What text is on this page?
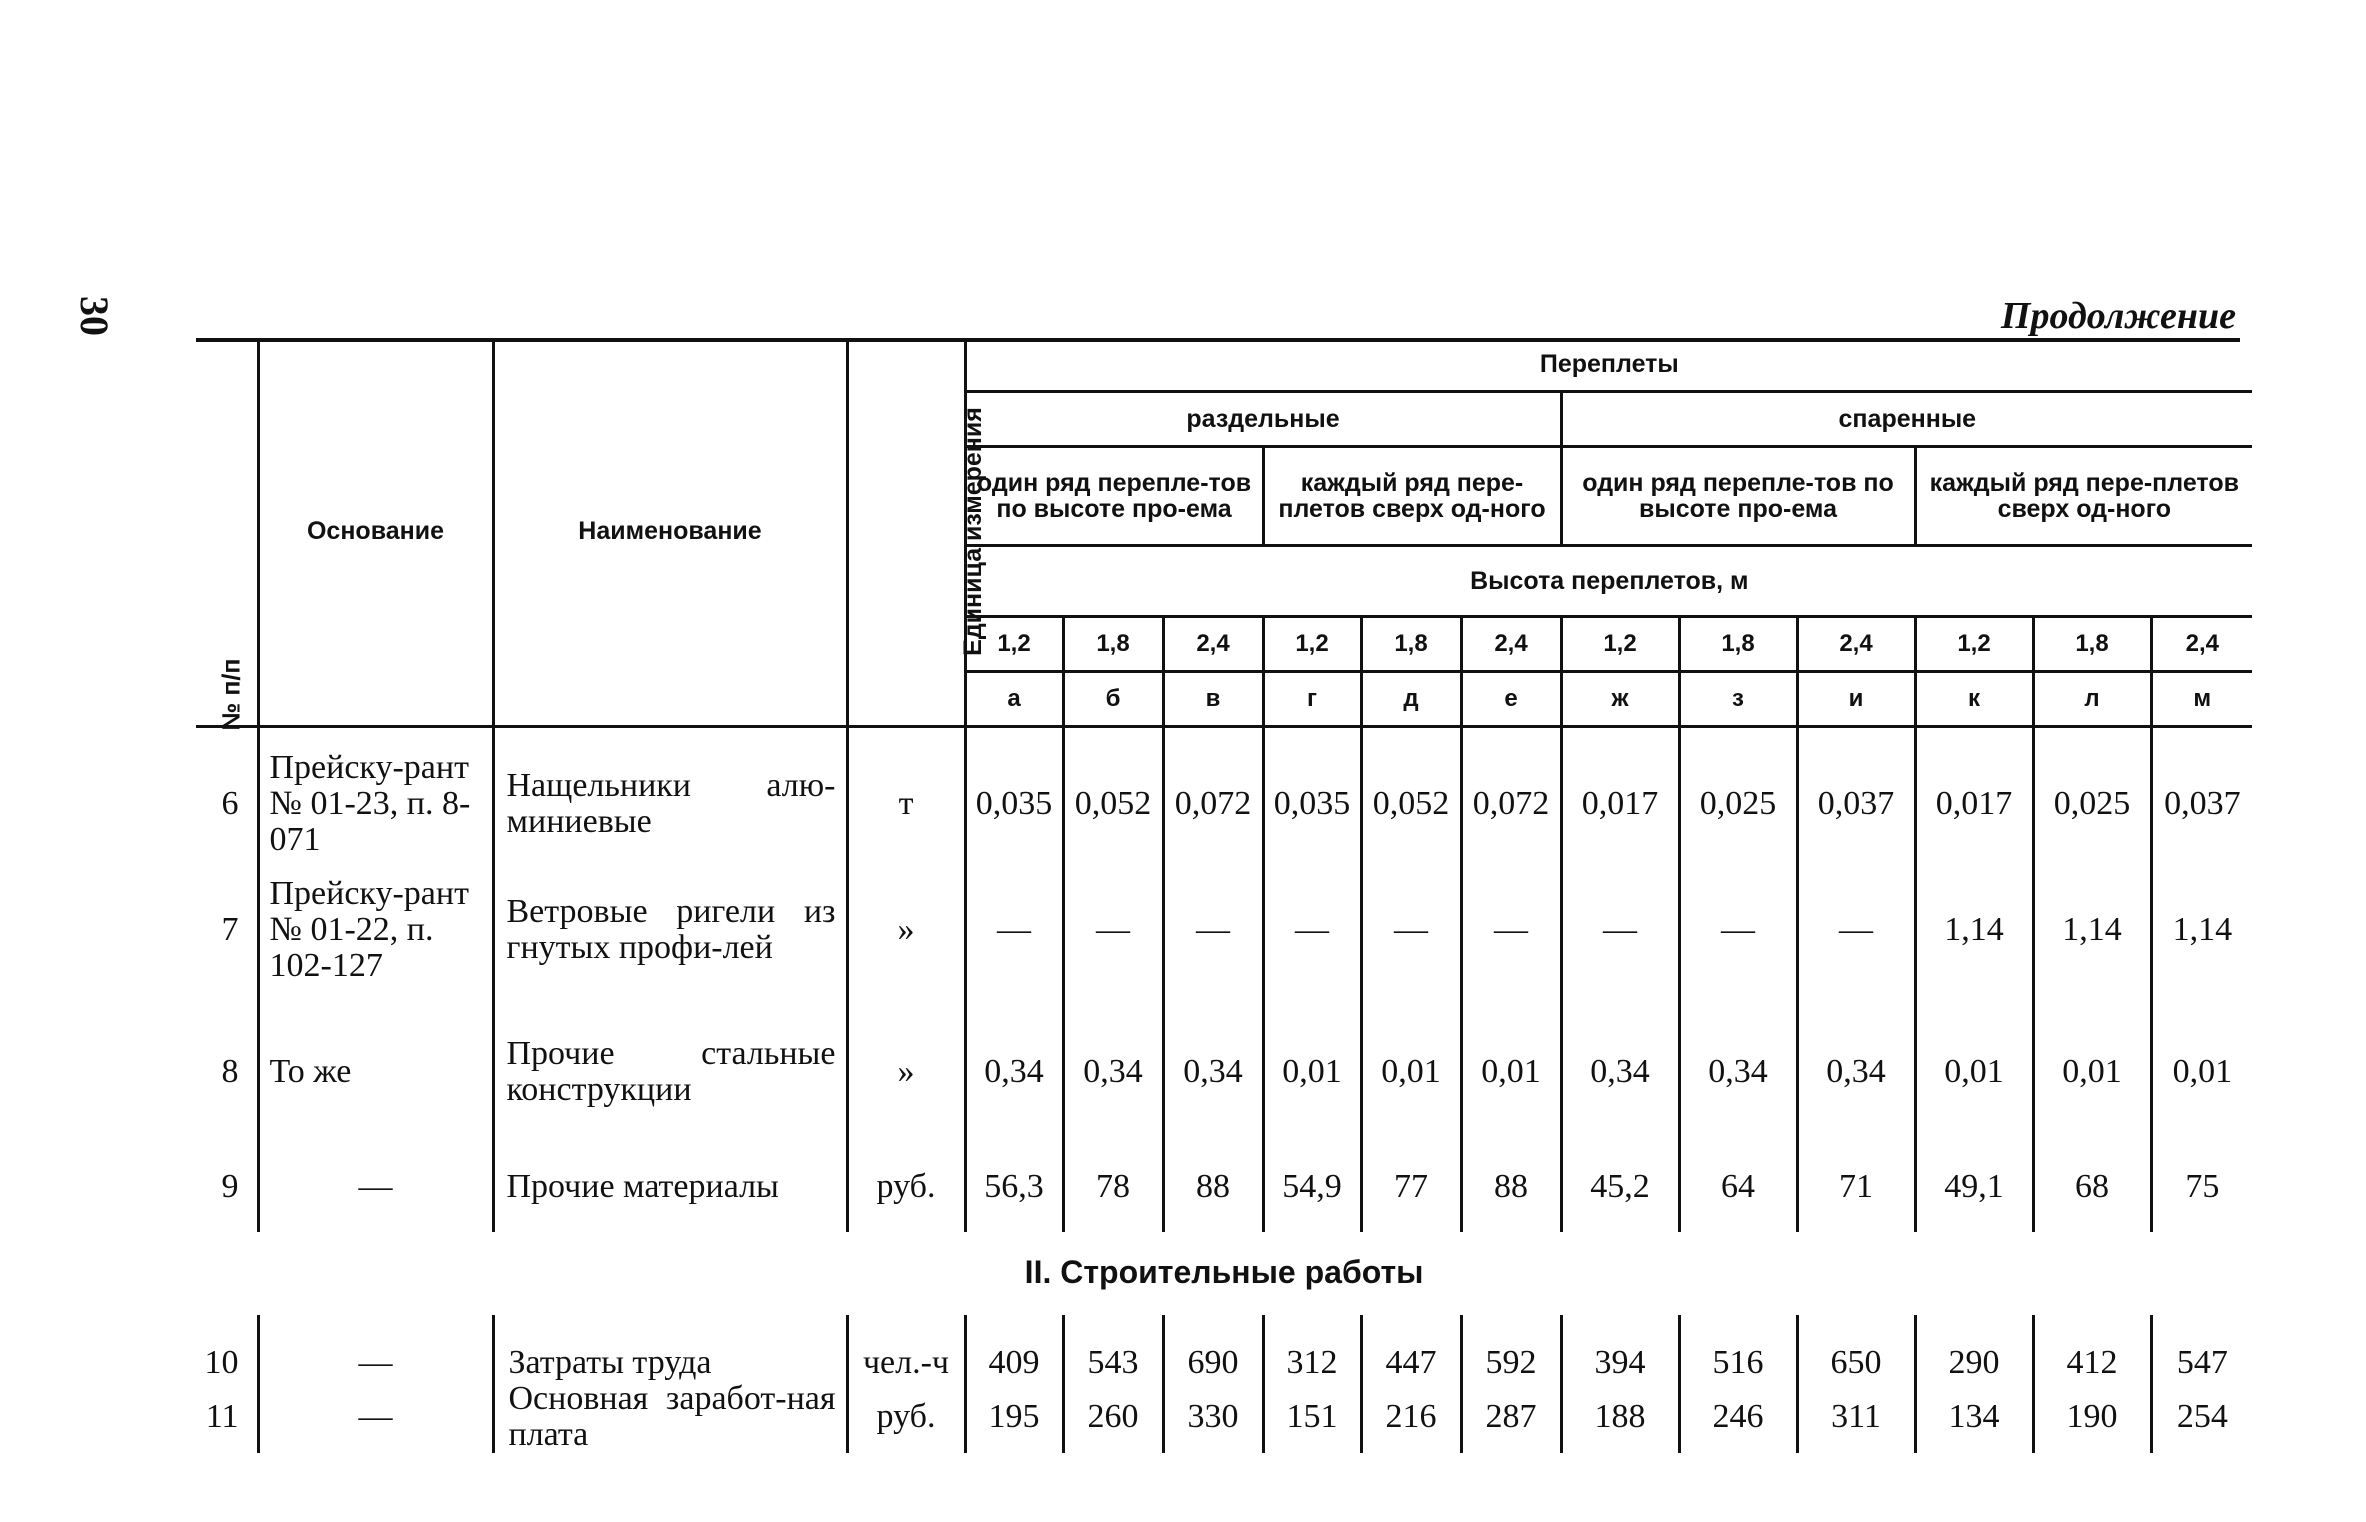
30	Продолжение
№ п/п	Основание	Наименование	Единица измерения	Переплеты											
				раздельные						спаренные					
				один ряд перепле-тов по высоте про-ема			каждый ряд пере-плетов сверх од-ного			один ряд перепле-тов по высоте про-ема			каждый ряд пере-плетов сверх од-ного		
				Высота переплетов, м											
				1,2	1,8	2,4	1,2	1,8	2,4	1,2	1,8	2,4	1,2	1,8	2,4
				а	б	в	г	д	е	ж	з	и	к	л	м
6	Прейску-рант № 01-23, п. 8-071	Нащельники алю-миниевые	т	0,035	0,052	0,072	0,035	0,052	0,072	0,017	0,025	0,037	0,017	0,025	0,037
7	Прейску-рант № 01-22, п. 102-127	Ветровые ригели из гнутых профи-лей	»	—	—	—	—	—	—	—	—	—	1,14	1,14	1,14
8	То же	Прочие стальные конструкции	»	0,34	0,34	0,34	0,01	0,01	0,01	0,34	0,34	0,34	0,01	0,01	0,01
9	—	Прочие материалы	руб.	56,3	78	88	54,9	77	88	45,2	64	71	49,1	68	75
II. Строительные работы															
10	—	Затраты труда	чел.-ч	409	543	690	312	447	592	394	516	650	290	412	547
11	—	Основная заработ-ная плата	руб.	195	260	330	151	216	287	188	246	311	134	190	254
